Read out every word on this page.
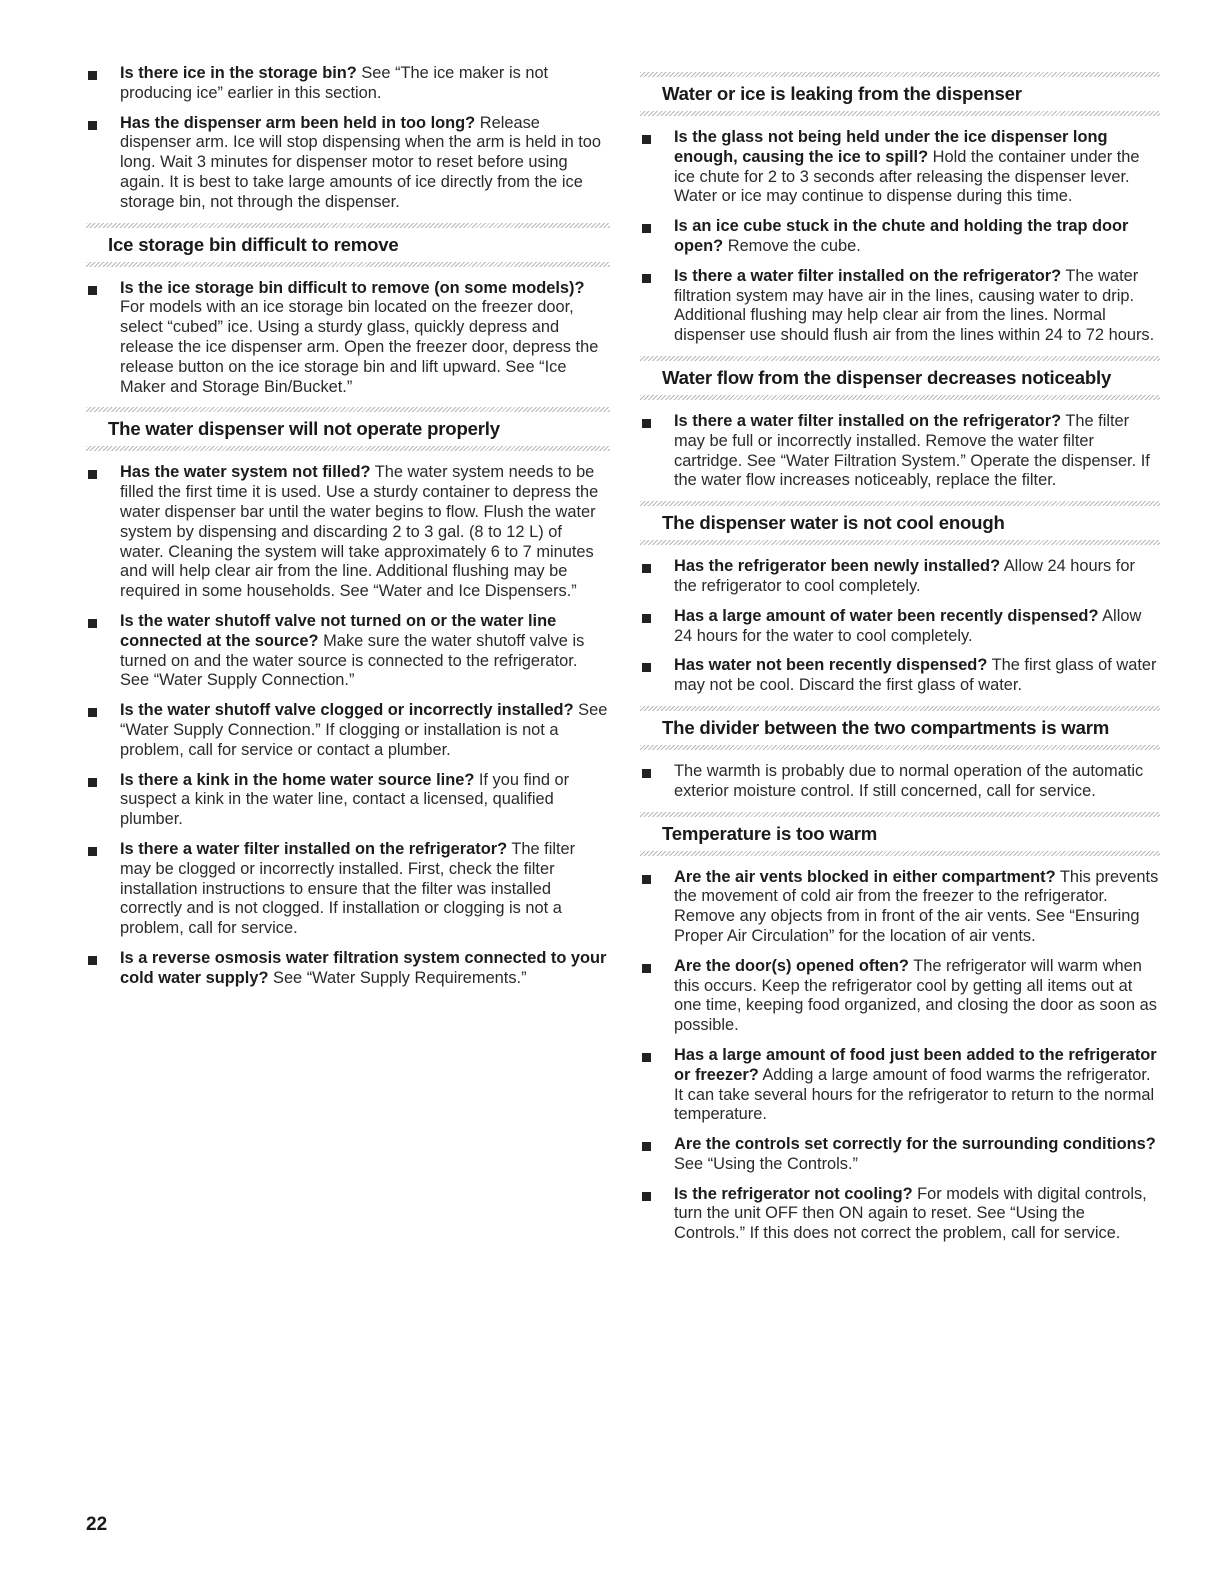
Is there ice in the storage bin? See “The ice maker is not producing ice” earlier in this section.
Has the dispenser arm been held in too long? Release dispenser arm. Ice will stop dispensing when the arm is held in too long. Wait 3 minutes for dispenser motor to reset before using again. It is best to take large amounts of ice directly from the ice storage bin, not through the dispenser.
Ice storage bin difficult to remove
Is the ice storage bin difficult to remove (on some models)? For models with an ice storage bin located on the freezer door, select “cubed” ice. Using a sturdy glass, quickly depress and release the ice dispenser arm. Open the freezer door, depress the release button on the ice storage bin and lift upward. See “Ice Maker and Storage Bin/Bucket.”
The water dispenser will not operate properly
Has the water system not filled? The water system needs to be filled the first time it is used. Use a sturdy container to depress the water dispenser bar until the water begins to flow. Flush the water system by dispensing and discarding 2 to 3 gal. (8 to 12 L) of water. Cleaning the system will take approximately 6 to 7 minutes and will help clear air from the line. Additional flushing may be required in some households. See “Water and Ice Dispensers.”
Is the water shutoff valve not turned on or the water line connected at the source? Make sure the water shutoff valve is turned on and the water source is connected to the refrigerator. See “Water Supply Connection.”
Is the water shutoff valve clogged or incorrectly installed? See “Water Supply Connection.” If clogging or installation is not a problem, call for service or contact a plumber.
Is there a kink in the home water source line? If you find or suspect a kink in the water line, contact a licensed, qualified plumber.
Is there a water filter installed on the refrigerator? The filter may be clogged or incorrectly installed. First, check the filter installation instructions to ensure that the filter was installed correctly and is not clogged. If installation or clogging is not a problem, call for service.
Is a reverse osmosis water filtration system connected to your cold water supply? See “Water Supply Requirements.”
Water or ice is leaking from the dispenser
Is the glass not being held under the ice dispenser long enough, causing the ice to spill? Hold the container under the ice chute for 2 to 3 seconds after releasing the dispenser lever. Water or ice may continue to dispense during this time.
Is an ice cube stuck in the chute and holding the trap door open? Remove the cube.
Is there a water filter installed on the refrigerator? The water filtration system may have air in the lines, causing water to drip. Additional flushing may help clear air from the lines. Normal dispenser use should flush air from the lines within 24 to 72 hours.
Water flow from the dispenser decreases noticeably
Is there a water filter installed on the refrigerator? The filter may be full or incorrectly installed. Remove the water filter cartridge. See “Water Filtration System.” Operate the dispenser. If the water flow increases noticeably, replace the filter.
The dispenser water is not cool enough
Has the refrigerator been newly installed? Allow 24 hours for the refrigerator to cool completely.
Has a large amount of water been recently dispensed? Allow 24 hours for the water to cool completely.
Has water not been recently dispensed? The first glass of water may not be cool. Discard the first glass of water.
The divider between the two compartments is warm
The warmth is probably due to normal operation of the automatic exterior moisture control. If still concerned, call for service.
Temperature is too warm
Are the air vents blocked in either compartment? This prevents the movement of cold air from the freezer to the refrigerator. Remove any objects from in front of the air vents. See “Ensuring Proper Air Circulation” for the location of air vents.
Are the door(s) opened often? The refrigerator will warm when this occurs. Keep the refrigerator cool by getting all items out at one time, keeping food organized, and closing the door as soon as possible.
Has a large amount of food just been added to the refrigerator or freezer? Adding a large amount of food warms the refrigerator. It can take several hours for the refrigerator to return to the normal temperature.
Are the controls set correctly for the surrounding conditions? See “Using the Controls.”
Is the refrigerator not cooling? For models with digital controls, turn the unit OFF then ON again to reset. See “Using the Controls.” If this does not correct the problem, call for service.
22
